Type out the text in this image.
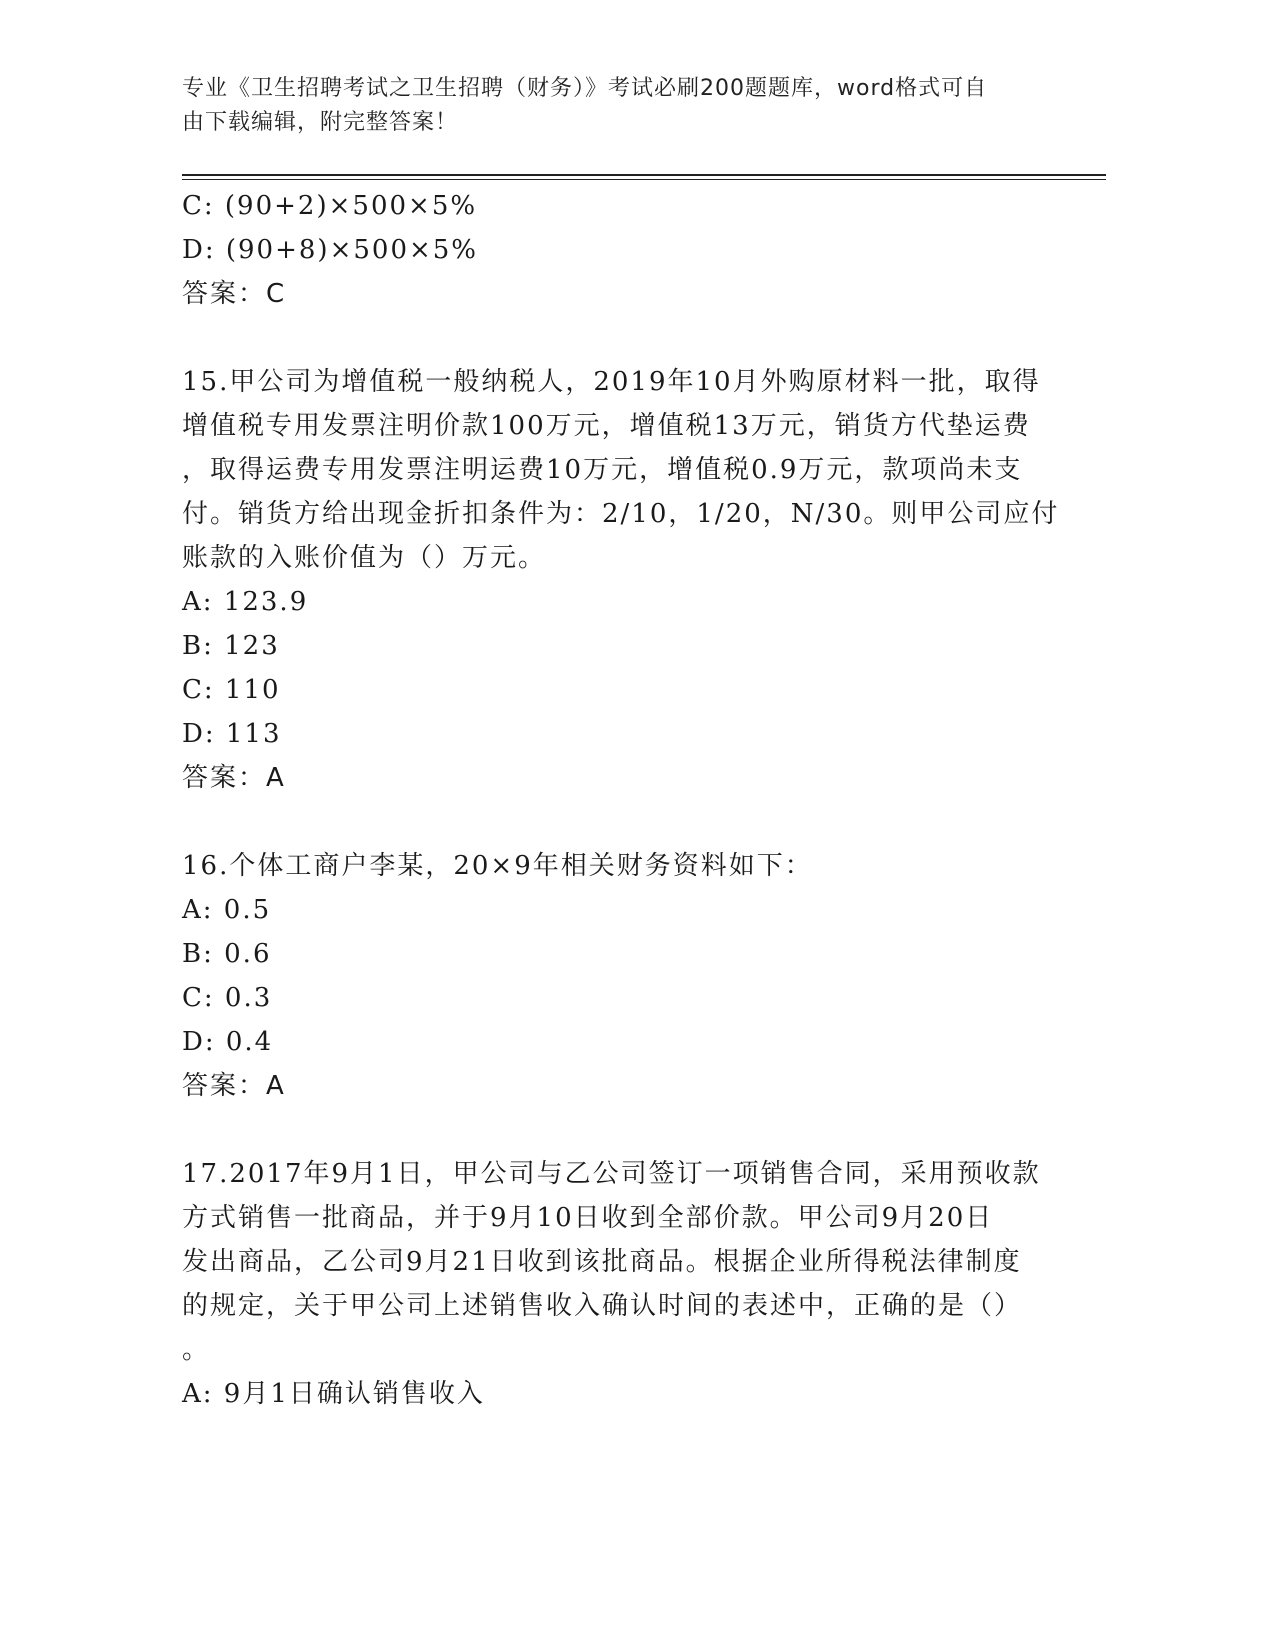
专业《卫生招聘考试之卫生招聘（财务）》考试必刷200题题库，word格式可自
由下载编辑，附完整答案！
C: (90+2)×500×5%
D: (90+8)×500×5%
答案：C
15.甲公司为增值税一般纳税人，2019年10月外购原材料一批，取得
增值税专用发票注明价款100万元，增值税13万元，销货方代垫运费
，取得运费专用发票注明运费10万元，增值税0.9万元，款项尚未支
付。销货方给出现金折扣条件为：2/10，1/20，N/30。则甲公司应付
账款的入账价值为（）万元。
A: 123.9
B: 123
C: 110
D: 113
答案：A
16.个体工商户李某，20×9年相关财务资料如下：
A: 0.5
B: 0.6
C: 0.3
D: 0.4
答案：A
17.2017年9月1日，甲公司与乙公司签订一项销售合同，采用预收款
方式销售一批商品，并于9月10日收到全部价款。甲公司9月20日
发出商品，乙公司9月21日收到该批商品。根据企业所得税法律制度
的规定，关于甲公司上述销售收入确认时间的表述中，正确的是（）
。
A: 9月1日确认销售收入
